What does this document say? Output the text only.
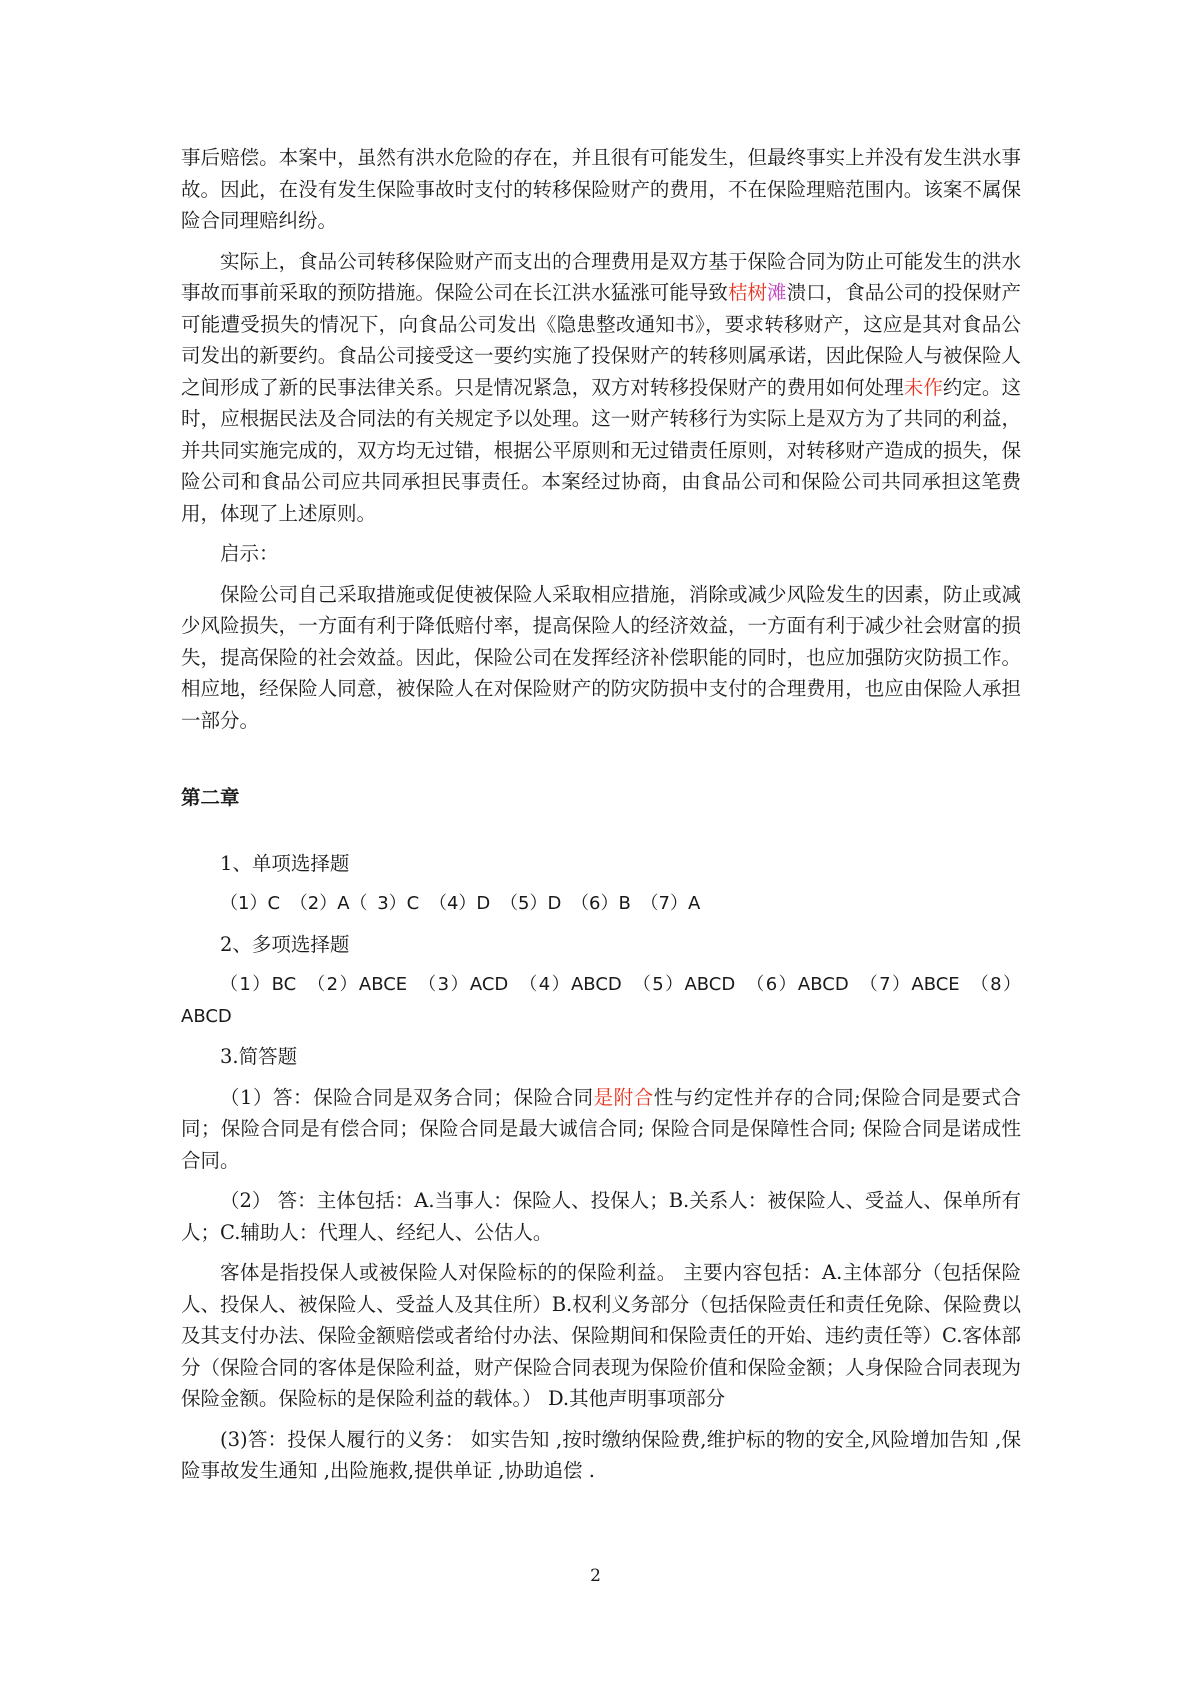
事后赔偿。本案中，虽然有洪水危险的存在，并且很有可能发生，但最终事实上并没有发生洪水事故。因此，在没有发生保险事故时支付的转移保险财产的费用，不在保险理赔范围内。该案不属保险合同理赔纠纷。

实际上，食品公司转移保险财产而支出的合理费用是双方基于保险合同为防止可能发生的洪水事故而事前采取的预防措施。保险公司在长江洪水猛涨可能导致桔树滩溃口，食品公司的投保财产可能遭受损失的情况下，向食品公司发出《隐患整改通知书》，要求转移财产，这应是其对食品公司发出的新要约。食品公司接受这一要约实施了投保财产的转移则属承诺，因此保险人与被保险人之间形成了新的民事法律关系。只是情况紧急，双方对转移投保财产的费用如何处理未作约定。这时，应根据民法及合同法的有关规定予以处理。这一财产转移行为实际上是双方为了共同的利益，并共同实施完成的，双方均无过错，根据公平原则和无过错责任原则，对转移财产造成的损失，保险公司和食品公司应共同承担民事责任。本案经过协商，由食品公司和保险公司共同承担这笔费用，体现了上述原则。

启示：

保险公司自己采取措施或促使被保险人采取相应措施，消除或减少风险发生的因素，防止或减少风险损失，一方面有利于降低赔付率，提高保险人的经济效益，一方面有利于减少社会财富的损失，提高保险的社会效益。因此，保险公司在发挥经济补偿职能的同时，也应加强防灾防损工作。相应地，经保险人同意，被保险人在对保险财产的防灾防损中支付的合理费用，也应由保险人承担一部分。

第二章

1、单项选择题

（1）C （2）A（ 3）C （4）D （5）D （6）B （7）A

2、多项选择题

（1）BC （2）ABCE （3）ACD （4）ABCD （5）ABCD （6）ABCD （7）ABCE （8）ABCD

3.简答题

（1）答：保险合同是双务合同；保险合同是附合性与约定性并存的合同;保险合同是要式合同；保险合同是有偿合同；保险合同是最大诚信合同; 保险合同是保障性合同; 保险合同是诺成性合同。

（2） 答：主体包括：A.当事人：保险人、投保人；B.关系人：被保险人、受益人、保单所有人；C.辅助人：代理人、经纪人、公估人。

客体是指投保人或被保险人对保险标的的保险利益。 主要内容包括：A.主体部分（包括保险人、投保人、被保险人、受益人及其住所）B.权利义务部分（包括保险责任和责任免除、保险费以及其支付办法、保险金额赔偿或者给付办法、保险期间和保险责任的开始、违约责任等）C.客体部分（保险合同的客体是保险利益，财产保险合同表现为保险价值和保险金额；人身保险合同表现为保险金额。保险标的是保险利益的载体。） D.其他声明事项部分

(3)答：投保人履行的义务： 如实告知 ,按时缴纳保险费,维护标的物的安全,风险增加告知 ,保险事故发生通知 ,出险施救,提供单证 ,协助追偿 .

2
